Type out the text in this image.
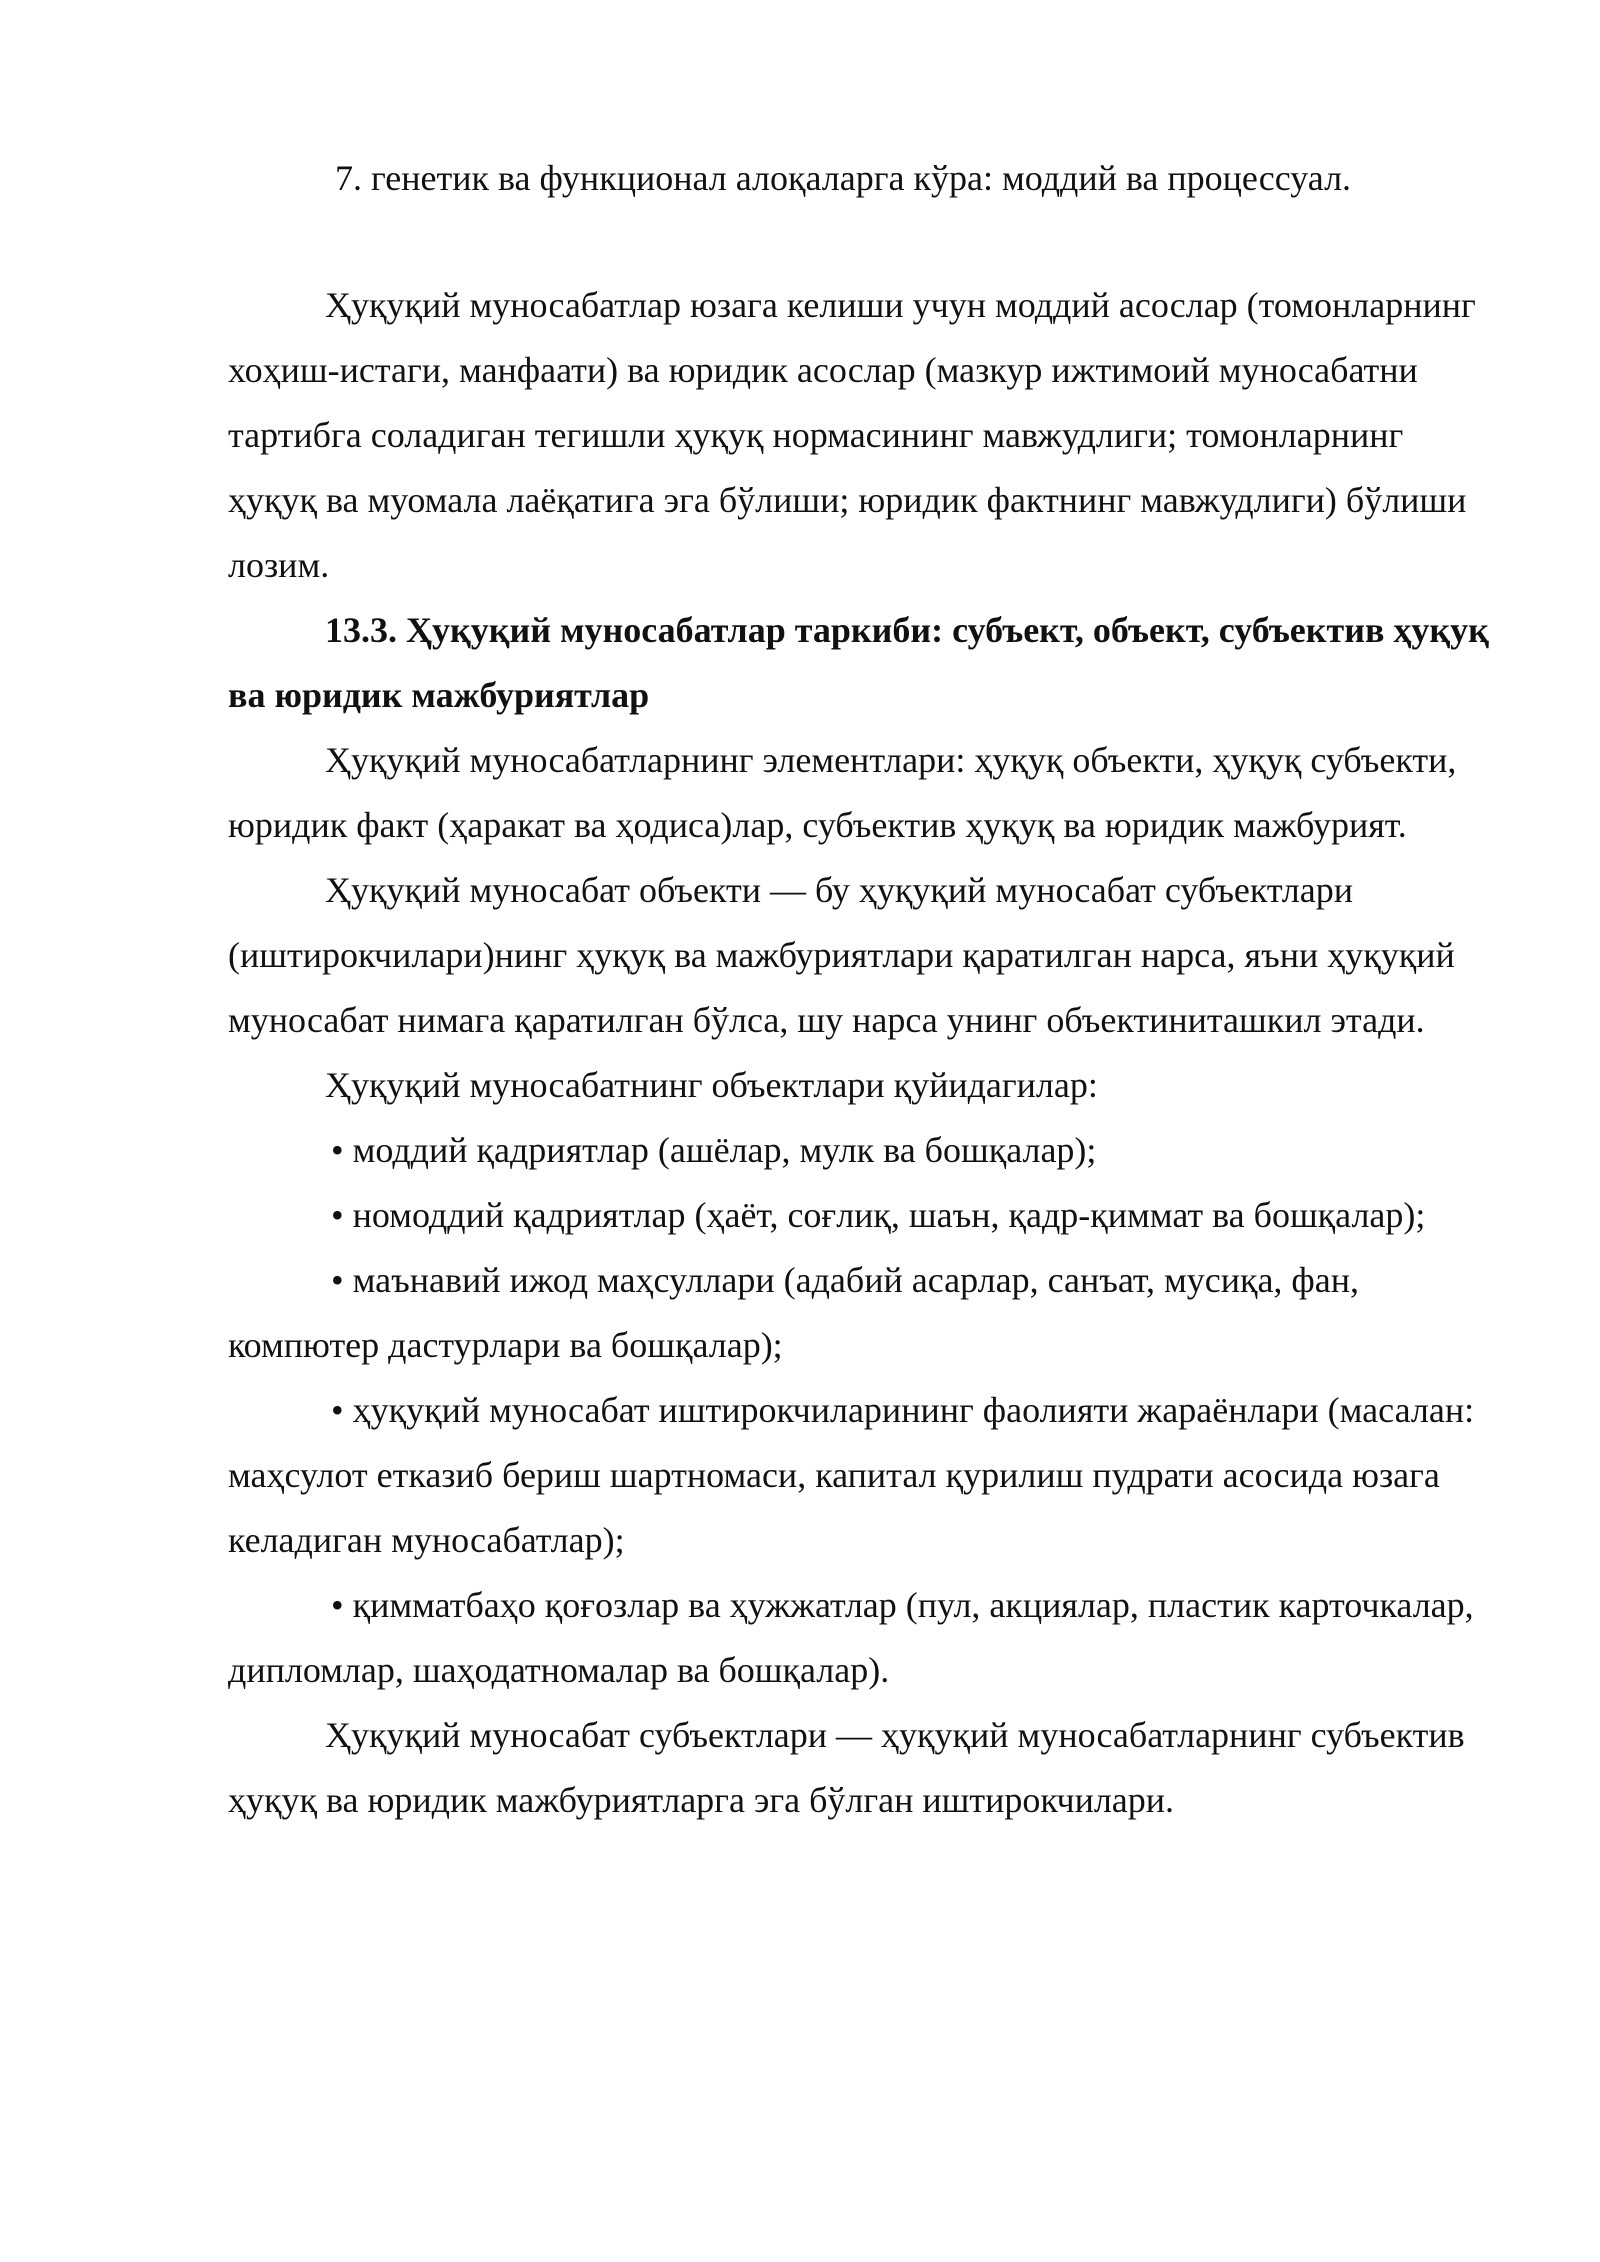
7. генетик ва функционал алоқаларга кўра: моддий ва процессуал.

Ҳуқуқий муносабатлар юзага келиши учун моддий асослар (томонларнинг хоҳиш-истаги, манфаати) ва юридик асослар (мазкур ижтимоий муносабатни тартибга соладиган тегишли ҳуқуқ нормасининг мавжудлиги; томонларнинг ҳуқуқ ва муомала лаёқатига эга бўлиши; юридик фактнинг мавжудлиги) бўлиши лозим.

13.3. Ҳуқуқий муносабатлар таркиби: субъект, объект, субъектив ҳуқуқ ва юридик мажбуриятлар

Ҳуқуқий муносабатларнинг элементлари: ҳуқуқ объекти, ҳуқуқ субъекти, юридик факт (ҳаракат ва ҳодиса)лар, субъектив ҳуқуқ ва юридик мажбурият.

Ҳуқуқий муносабат объекти — бу ҳуқуқий муносабат субъектлари (иштирокчилари)нинг ҳуқуқ ва мажбуриятлари қаратилган нарса, яъни ҳуқуқий муносабат нимага қаратилган бўлса, шу нарса унинг объектиниташкил этади.

Ҳуқуқий муносабатнинг объектлари қуйидагилар:

• моддий қадриятлар (ашёлар, мулк ва бошқалар);

• номоддий қадриятлар (ҳаёт, соғлиқ, шаън, қадр-қиммат ва бошқалар);

• маънавий ижод маҳсуллари (адабий асарлар, санъат, мусиқа, фан, компютер дастурлари ва бошқалар);

• ҳуқуқий муносабат иштирокчиларининг фаолияти жараёнлари (масалан: маҳсулот етказиб бериш шартномаси, капитал қурилиш пудрати асосида юзага келадиган муносабатлар);

• қимматбаҳо қоғозлар ва ҳужжатлар (пул, акциялар, пластик карточкалар, дипломлар, шаҳодатномалар ва бошқалар).

Ҳуқуқий муносабат субъектлари — ҳуқуқий муносабатларнинг субъектив ҳуқуқ ва юридик мажбуриятларга эга бўлган иштирокчилари.
